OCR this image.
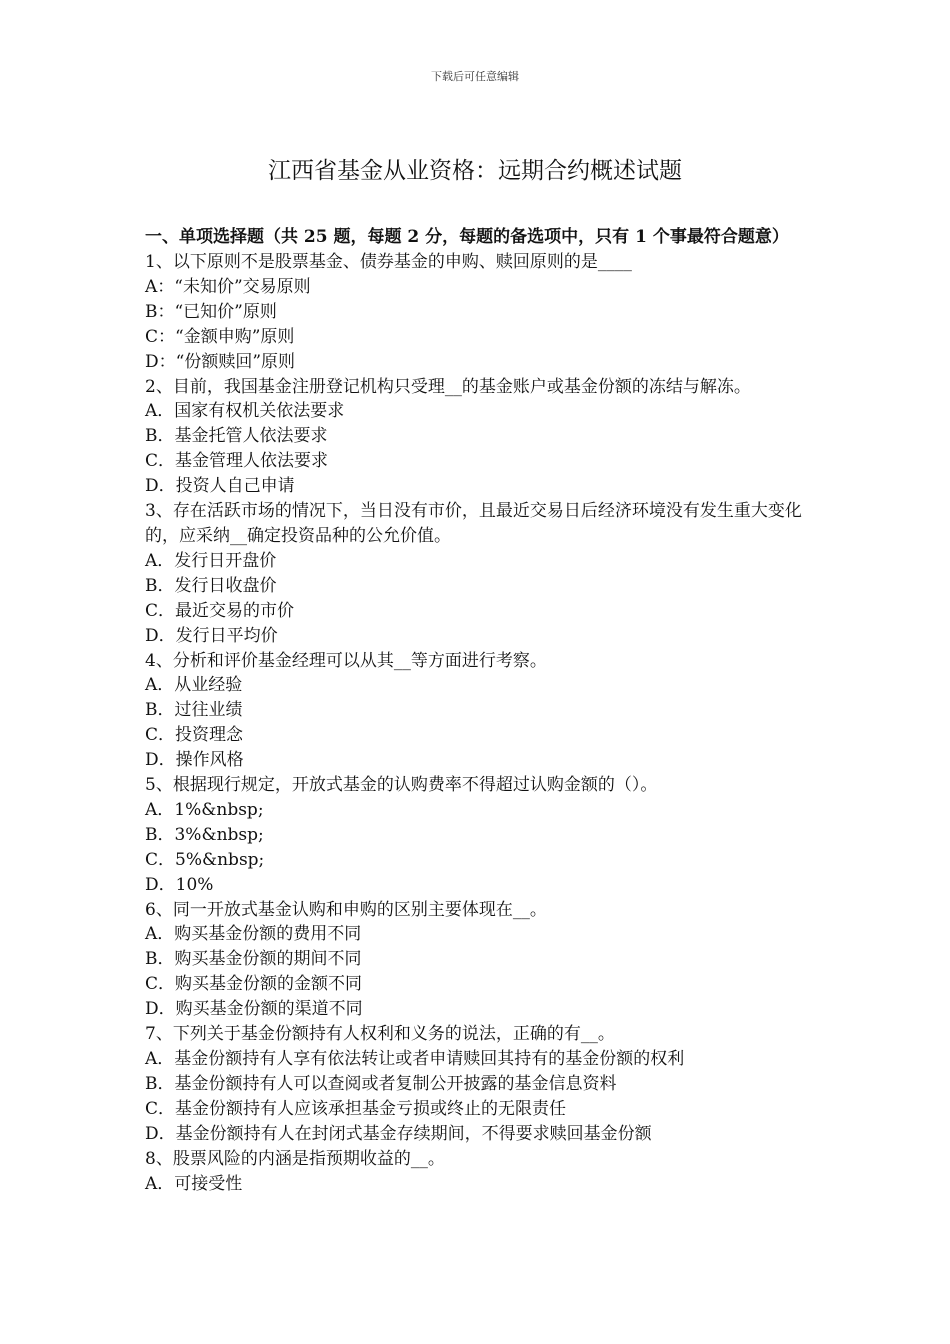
下载后可任意编辑
江西省基金从业资格：远期合约概述试题
一、单项选择题（共 25 题，每题 2 分，每题的备选项中，只有 1 个事最符合题意）
1、以下原则不是股票基金、债券基金的申购、赎回原则的是____
A：“未知价”交易原则
B：“已知价”原则
C：“金额申购”原则
D：“份额赎回”原则
2、目前，我国基金注册登记机构只受理__的基金账户或基金份额的冻结与解冻。
A．国家有权机关依法要求
B．基金托管人依法要求
C．基金管理人依法要求
D．投资人自己申请
3、存在活跃市场的情况下，当日没有市价，且最近交易日后经济环境没有发生重大变化的，应采纳__确定投资品种的公允价值。
A．发行日开盘价
B．发行日收盘价
C．最近交易的市价
D．发行日平均价
4、分析和评价基金经理可以从其__等方面进行考察。
A．从业经验
B．过往业绩
C．投资理念
D．操作风格
5、根据现行规定，开放式基金的认购费率不得超过认购金额的（）。
A．1%&nbsp;
B．3%&nbsp;
C．5%&nbsp;
D．10%
6、同一开放式基金认购和申购的区别主要体现在__。
A．购买基金份额的费用不同
B．购买基金份额的期间不同
C．购买基金份额的金额不同
D．购买基金份额的渠道不同
7、下列关于基金份额持有人权利和义务的说法，正确的有__。
A．基金份额持有人享有依法转让或者申请赎回其持有的基金份额的权利
B．基金份额持有人可以查阅或者复制公开披露的基金信息资料
C．基金份额持有人应该承担基金亏损或终止的无限责任
D．基金份额持有人在封闭式基金存续期间，不得要求赎回基金份额
8、股票风险的内涵是指预期收益的__。
A．可接受性
